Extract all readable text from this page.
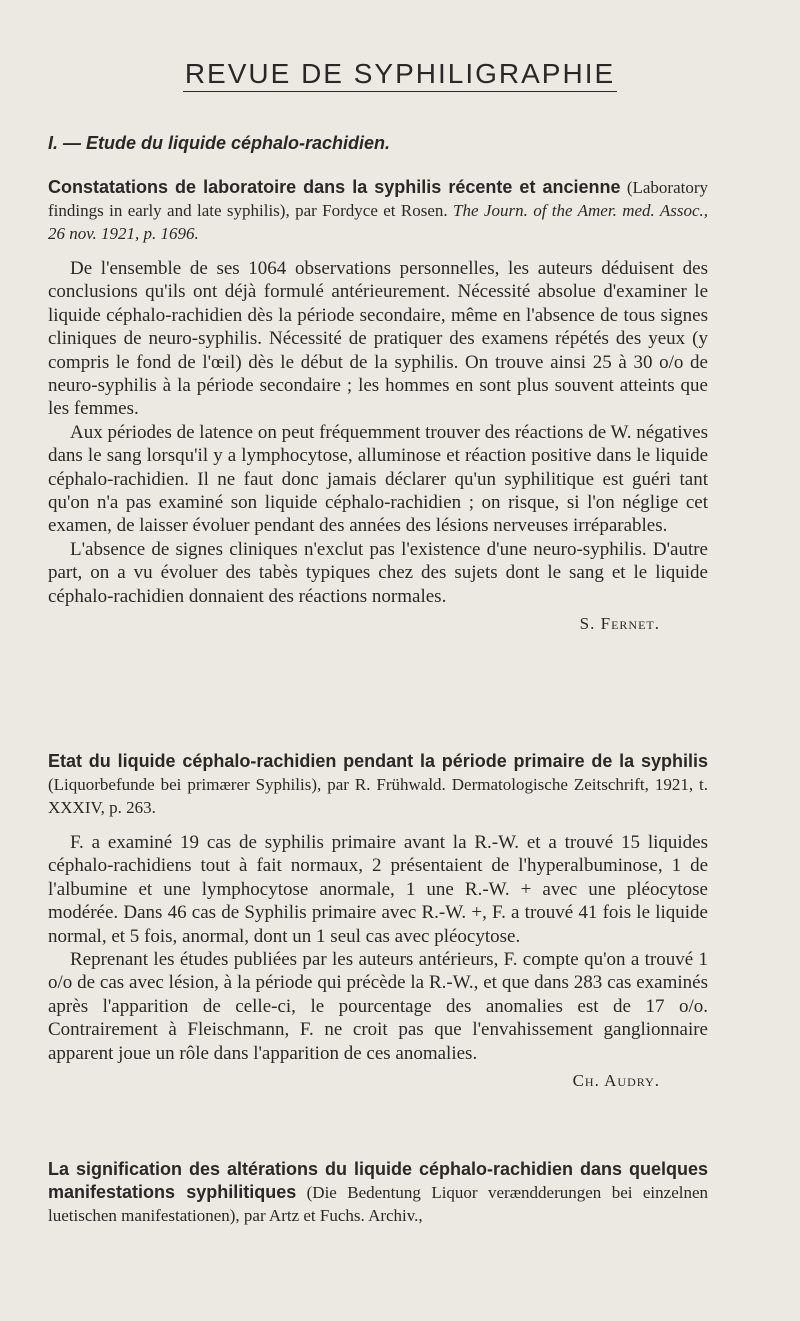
REVUE DE SYPHILIGRAPHIE
I. — Etude du liquide céphalo-rachidien.
Constatations de laboratoire dans la syphilis récente et ancienne (Laboratory findings in early and late syphilis), par Fordyce et Rosen. The Journ. of the Amer. med. Assoc., 26 nov. 1921, p. 1696.

De l'ensemble de ses 1064 observations personnelles, les auteurs déduisent des conclusions qu'ils ont déjà formulé antérieurement. Nécessité absolue d'examiner le liquide céphalo-rachidien dès la période secondaire, même en l'absence de tous signes cliniques de neuro-syphilis. Nécessité de pratiquer des examens répétés des yeux (y compris le fond de l'œil) dès le début de la syphilis. On trouve ainsi 25 à 30 o/o de neuro-syphilis à la période secondaire ; les hommes en sont plus souvent atteints que les femmes.

Aux périodes de latence on peut fréquemment trouver des réactions de W. négatives dans le sang lorsqu'il y a lymphocytose, alluminose et réaction positive dans le liquide céphalo-rachidien. Il ne faut donc jamais déclarer qu'un syphilitique est guéri tant qu'on n'a pas examiné son liquide céphalo-rachidien ; on risque, si l'on néglige cet examen, de laisser évoluer pendant des années des lésions nerveuses irréparables.

L'absence de signes cliniques n'exclut pas l'existence d'une neuro-syphilis. D'autre part, on a vu évoluer des tabès typiques chez des sujets dont le sang et le liquide céphalo-rachidien donnaient des réactions normales.

S. Fernet.
Etat du liquide céphalo-rachidien pendant la période primaire de la syphilis (Liquorbefunde bei primærer Syphilis), par R. Frühwald. Dermatologische Zeitschrift, 1921, t. XXXIV, p. 263.

F. a examiné 19 cas de syphilis primaire avant la R.-W. et a trouvé 15 liquides céphalo-rachidiens tout à fait normaux, 2 présentaient de l'hyperalbuminose, 1 de l'albumine et une lymphocytose anormale, 1 une R.-W. + avec une pléocytose modérée. Dans 46 cas de Syphilis primaire avec R.-W. +, F. a trouvé 41 fois le liquide normal, et 5 fois, anormal, dont un 1 seul cas avec pléocytose.

Reprenant les études publiées par les auteurs antérieurs, F. compte qu'on a trouvé 1 o/o de cas avec lésion, à la période qui précède la R.-W., et que dans 283 cas examinés après l'apparition de celle-ci, le pourcentage des anomalies est de 17 o/o. Contrairement à Fleischmann, F. ne croit pas que l'envahissement ganglionnaire apparent joue un rôle dans l'apparition de ces anomalies.

Ch. Audry.
La signification des altérations du liquide céphalo-rachidien dans quelques manifestations syphilitiques (Die Bedentung Liquor verændderungen bei einzelnen luetischen manifestationen), par Artz et Fuchs. Archiv.,
